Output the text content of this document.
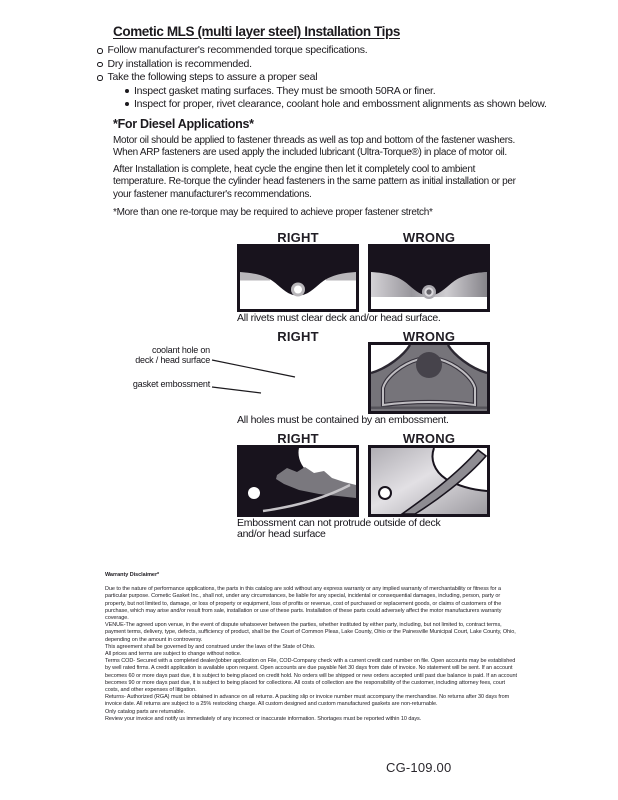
Cometic MLS (multi layer steel) Installation Tips
Follow manufacturer's recommended torque specifications.
Dry installation is recommended.
Take the following steps to assure a proper seal
Inspect gasket mating surfaces. They must be smooth 50RA or finer.
Inspect for proper, rivet clearance, coolant hole and embossment alignments as shown below.
*For Diesel Applications*

Motor oil should be applied to fastener threads as well as top and bottom of the fastener washers. When ARP fasteners are used apply the included lubricant (Ultra-Torque®) in place of motor oil.

After Installation is complete, heat cycle the engine then let it completely cool to ambient temperature. Re-torque the cylinder head fasteners in the same pattern as initial installation or per your fastener manufacturer's recommendations.

*More than one re-torque may be required to achieve proper fastener stretch*

RIGHT	WRONG

All rivets must clear deck and/or head surface.

RIGHT	WRONG

coolant hole on
deck / head surface

gasket embossment

All holes must be contained by an embossment.

RIGHT	WRONG

Embossment can not protrude outside of deck
and/or head surface

Warranty Disclaimer*

Due to the nature of performance applications, the parts in this catalog are sold without any express warranty or any implied warranty of merchantability or fitness for a particular purpose. Cometic Gasket Inc., shall not, under any circumstances, be liable for any special, incidental or consequential damages, including, person, party or property, but not limited to, damage, or loss of property or equipment, loss of profits or revenue, cost of purchased or replacement goods, or claims of customers of the purchase, which may arise and/or result from sale, installation or use of these parts. Installation of these parts could adversely affect the motor manufacturers warranty coverage.

VENUE-The agreed upon venue, in the event of dispute whatsoever between the parties, whether instituted by either party, including, but not limited to, contract terms, payment terms, delivery, type, defects, sufficiency of product, shall be the Court of Common Pleas, Lake County, Ohio or the Painesville Municipal Court, Lake County, Ohio, depending on the amount in controversy.

This agreement shall be governed by and construed under the laws of the State of Ohio.

All prices and terms are subject to change without notice.

Terms COD- Secured with a completed dealer/jobber application on File, COD-Company check with a current credit card number on file. Open accounts may be established by well rated firms. A credit application is available upon request. Open accounts are due payable Net 30 days from date of invoice. No statement will be sent. If an account becomes 60 or more days past due, it is subject to being placed on credit hold. No orders will be shipped or new orders accepted until past due balance is paid. If an account becomes 90 or more days past due, it is subject to being placed for collections. All costs of collection are the responsibility of the customer, including attorney fees, court costs, and other expenses of litigation.

Returns- Authorized (RGA) must be obtained in advance on all returns. A packing slip or invoice number must accompany the merchandise. No returns after 30 days from invoice date. All returns are subject to a 25% restocking charge. All custom designed and custom manufactured gaskets are non-returnable.

Only catalog parts are returnable.

Review your invoice and notify us immediately of any incorrect or inaccurate information. Shortages must be reported within 10 days.

CG-109.00
